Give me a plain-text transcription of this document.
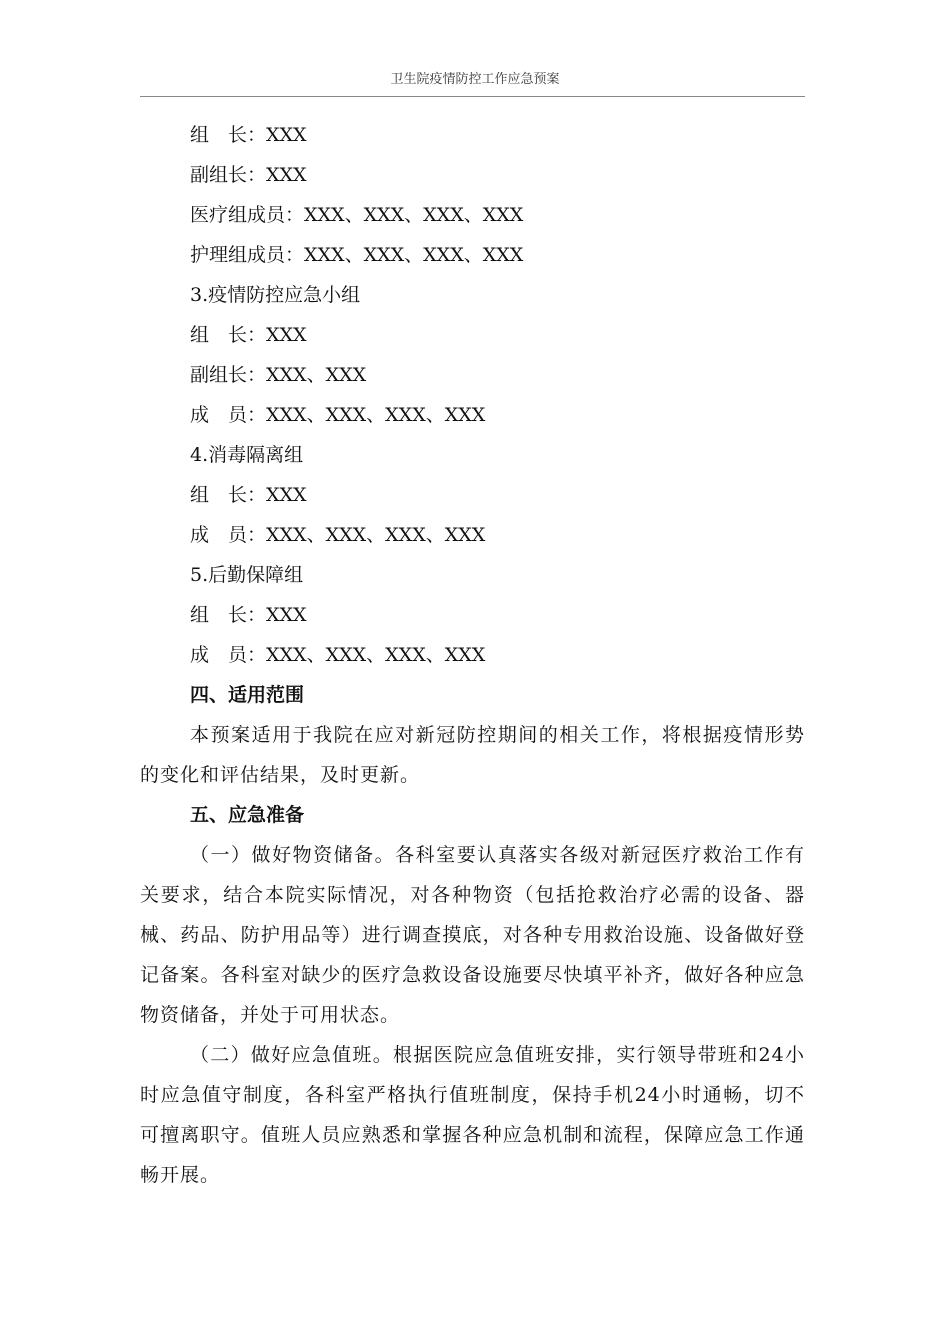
卫生院疫情防控工作应急预案
组　长：XXX
副组长：XXX
医疗组成员：XXX、XXX、XXX、XXX
护理组成员：XXX、XXX、XXX、XXX
3.疫情防控应急小组
组　长：XXX
副组长：XXX、XXX
成　员：XXX、XXX、XXX、XXX
4.消毒隔离组
组　长：XXX
成　员：XXX、XXX、XXX、XXX
5.后勤保障组
组　长：XXX
成　员：XXX、XXX、XXX、XXX
四、适用范围
本预案适用于我院在应对新冠防控期间的相关工作，将根据疫情形势的变化和评估结果，及时更新。
五、应急准备
（一）做好物资储备。各科室要认真落实各级对新冠医疗救治工作有关要求，结合本院实际情况，对各种物资（包括抢救治疗必需的设备、器械、药品、防护用品等）进行调查摸底，对各种专用救治设施、设备做好登记备案。各科室对缺少的医疗急救设备设施要尽快填平补齐，做好各种应急物资储备，并处于可用状态。
（二）做好应急值班。根据医院应急值班安排，实行领导带班和24小时应急值守制度，各科室严格执行值班制度，保持手机24小时通畅，切不可擅离职守。值班人员应熟悉和掌握各种应急机制和流程，保障应急工作通畅开展。
